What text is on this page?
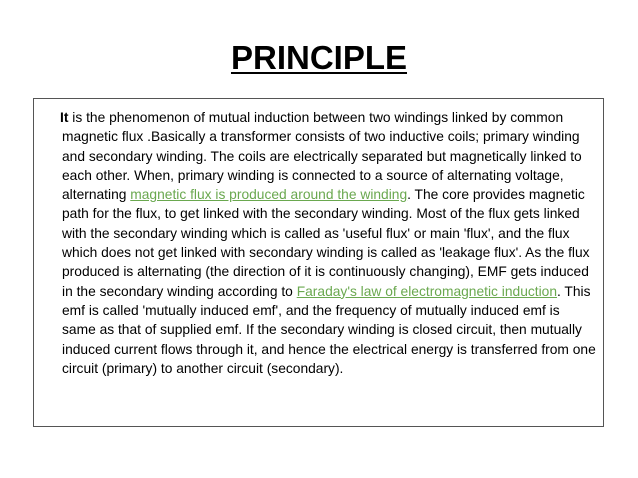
PRINCIPLE

It is the phenomenon of mutual induction between two windings linked by common magnetic flux .Basically a transformer consists of two inductive coils; primary winding and secondary winding. The coils are electrically separated but magnetically linked to each other. When, primary winding is connected to a source of alternating voltage, alternating magnetic flux is produced around the winding. The core provides magnetic path for the flux, to get linked with the secondary winding. Most of the flux gets linked with the secondary winding which is called as 'useful flux' or main 'flux', and the flux which does not get linked with secondary winding is called as 'leakage flux'. As the flux produced is alternating (the direction of it is continuously changing), EMF gets induced in the secondary winding according to Faraday's law of electromagnetic induction. This emf is called 'mutually induced emf', and the frequency of mutually induced emf is same as that of supplied emf. If the secondary winding is closed circuit, then mutually induced current flows through it, and hence the electrical energy is transferred from one circuit (primary) to another circuit (secondary).
